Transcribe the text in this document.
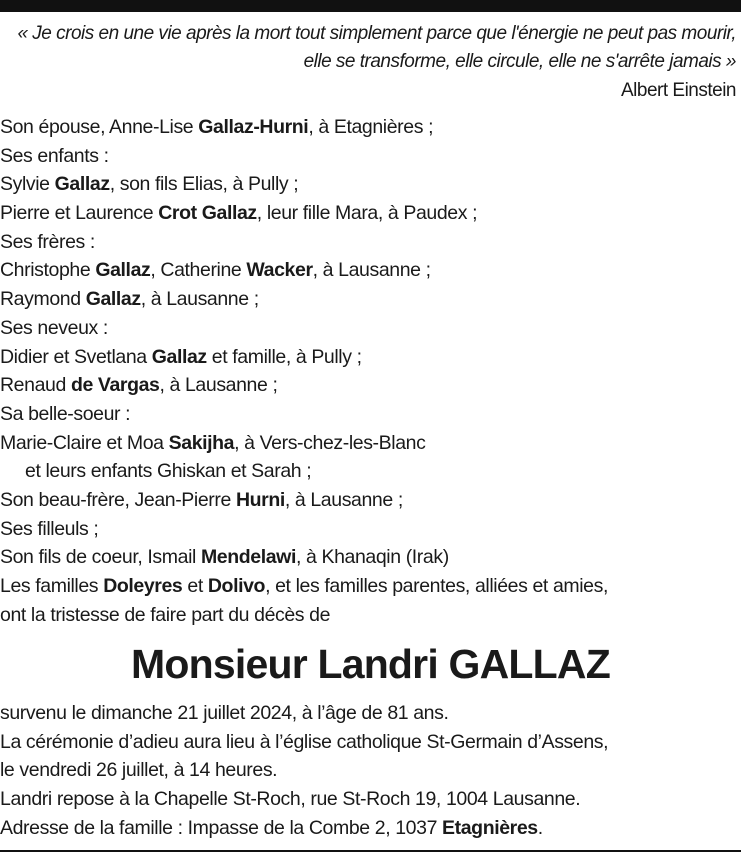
« Je crois en une vie après la mort tout simplement parce que l'énergie ne peut pas mourir, elle se transforme, elle circule, elle ne s'arrête jamais »
Albert Einstein
Son épouse, Anne-Lise Gallaz-Hurni, à Etagnières ;
Ses enfants :
Sylvie Gallaz, son fils Elias, à Pully ;
Pierre et Laurence Crot Gallaz, leur fille Mara, à Paudex ;
Ses frères :
Christophe Gallaz, Catherine Wacker, à Lausanne ;
Raymond Gallaz, à Lausanne ;
Ses neveux :
Didier et Svetlana Gallaz et famille, à Pully ;
Renaud de Vargas, à Lausanne ;
Sa belle-soeur :
Marie-Claire et Moa Sakijha, à Vers-chez-les-Blanc
et leurs enfants Ghiskan et Sarah ;
Son beau-frère, Jean-Pierre Hurni, à Lausanne ;
Ses filleuls ;
Son fils de coeur, Ismail Mendelawi, à Khanaqin (Irak)
Les familles Doleyres et Dolivo, et les familles parentes, alliées et amies,
ont la tristesse de faire part du décès de
Monsieur Landri GALLAZ
survenu le dimanche 21 juillet 2024, à l’âge de 81 ans.
La cérémonie d’adieu aura lieu à l’église catholique St-Germain d’Assens,
le vendredi 26 juillet, à 14 heures.
Landri repose à la Chapelle St-Roch, rue St-Roch 19, 1004 Lausanne.
Adresse de la famille : Impasse de la Combe 2, 1037 Etagnières.
